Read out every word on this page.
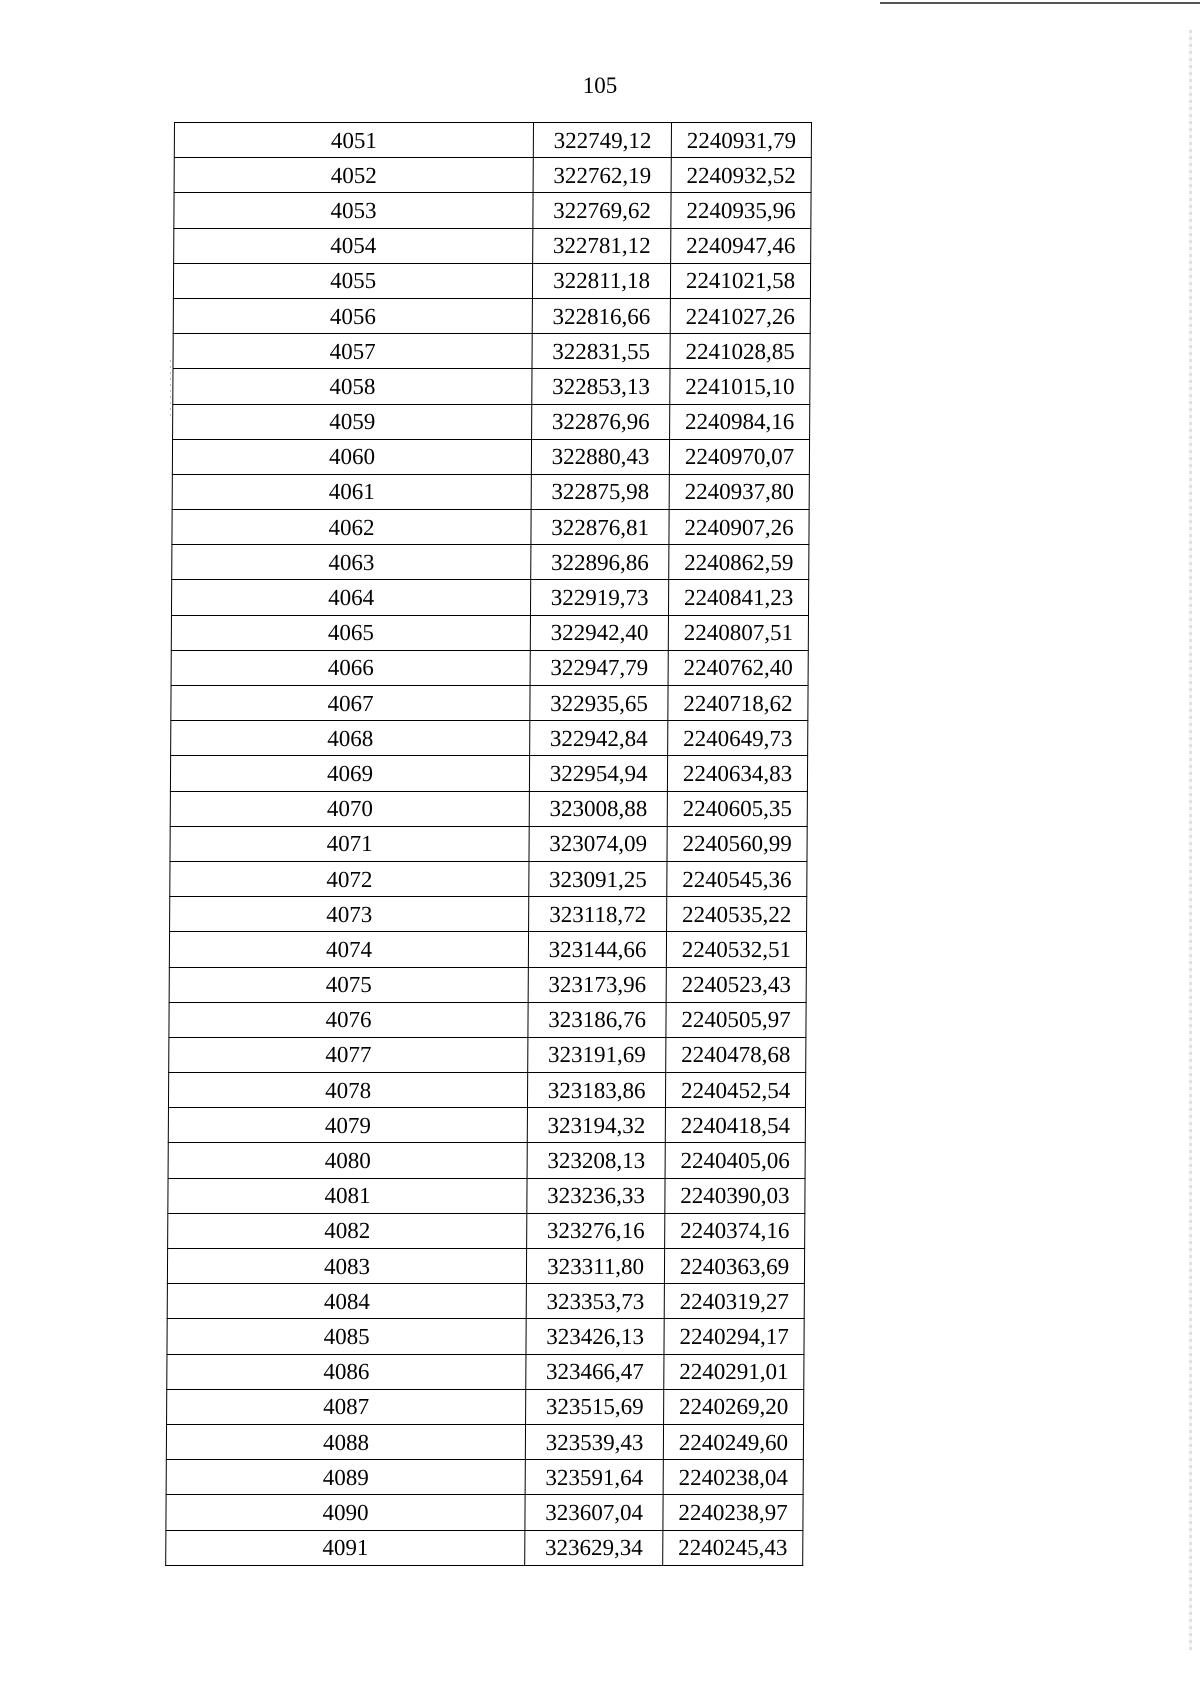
105
4051	322749,12	2240931,79
4052	322762,19	2240932,52
4053	322769,62	2240935,96
4054	322781,12	2240947,46
4055	322811,18	2241021,58
4056	322816,66	2241027,26
4057	322831,55	2241028,85
4058	322853,13	2241015,10
4059	322876,96	2240984,16
4060	322880,43	2240970,07
4061	322875,98	2240937,80
4062	322876,81	2240907,26
4063	322896,86	2240862,59
4064	322919,73	2240841,23
4065	322942,40	2240807,51
4066	322947,79	2240762,40
4067	322935,65	2240718,62
4068	322942,84	2240649,73
4069	322954,94	2240634,83
4070	323008,88	2240605,35
4071	323074,09	2240560,99
4072	323091,25	2240545,36
4073	323118,72	2240535,22
4074	323144,66	2240532,51
4075	323173,96	2240523,43
4076	323186,76	2240505,97
4077	323191,69	2240478,68
4078	323183,86	2240452,54
4079	323194,32	2240418,54
4080	323208,13	2240405,06
4081	323236,33	2240390,03
4082	323276,16	2240374,16
4083	323311,80	2240363,69
4084	323353,73	2240319,27
4085	323426,13	2240294,17
4086	323466,47	2240291,01
4087	323515,69	2240269,20
4088	323539,43	2240249,60
4089	323591,64	2240238,04
4090	323607,04	2240238,97
4091	323629,34	2240245,43
